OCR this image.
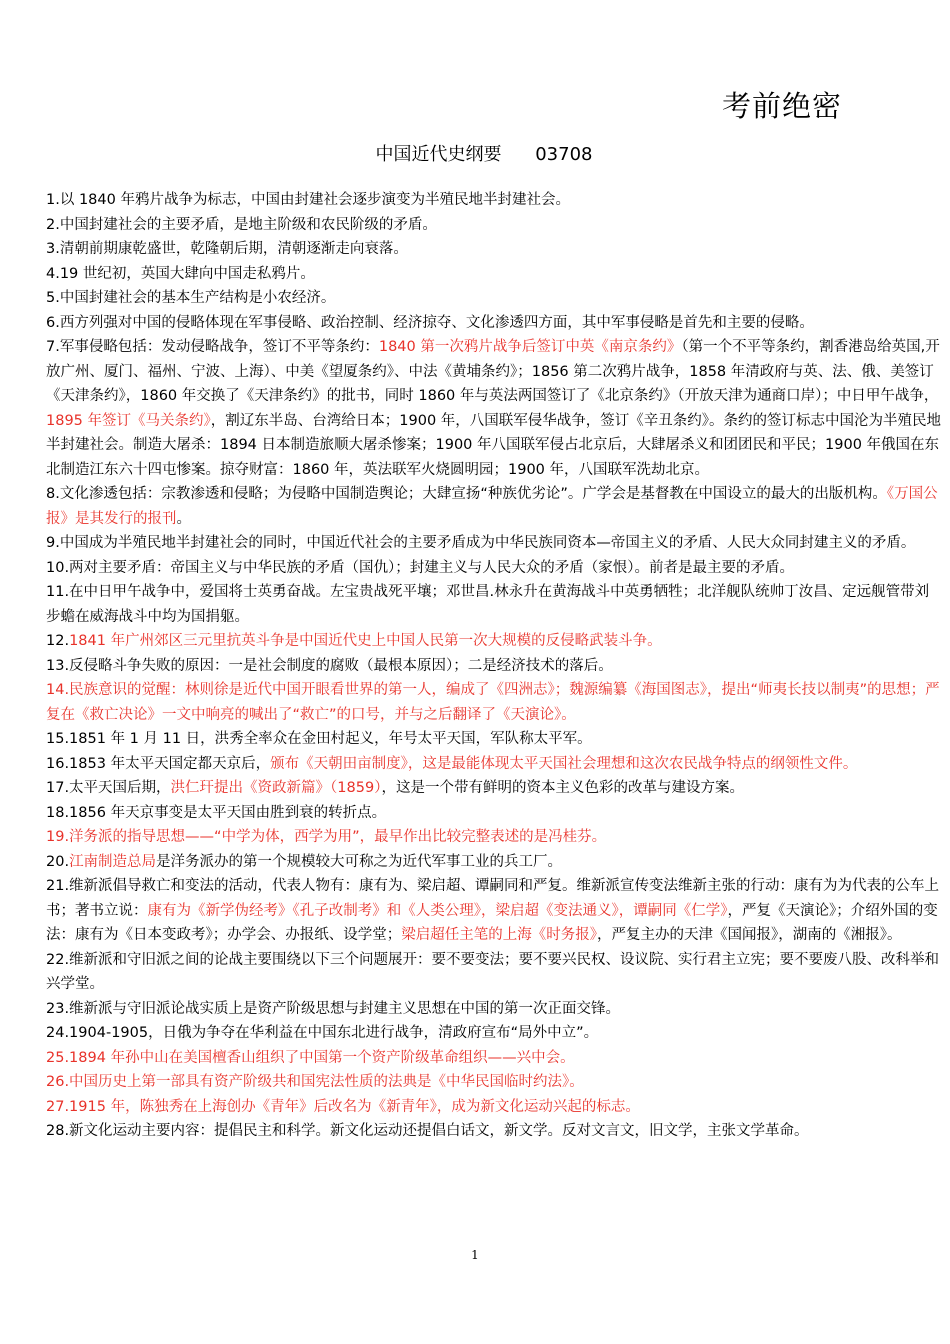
考前绝密
中国近代史纲要 03708

1.以 1840 年鸦片战争为标志，中国由封建社会逐步演变为半殖民地半封建社会。

2.中国封建社会的主要矛盾，是地主阶级和农民阶级的矛盾。

3.清朝前期康乾盛世，乾隆朝后期，清朝逐渐走向衰落。

4.19 世纪初，英国大肆向中国走私鸦片。

5.中国封建社会的基本生产结构是小农经济。

6.西方列强对中国的侵略体现在军事侵略、政治控制、经济掠夺、文化渗透四方面，其中军事侵略是首先和主要的侵略。

7.军事侵略包括：发动侵略战争，签订不平等条约：1840 第一次鸦片战争后签订中英《南京条约》（第一个不平等条约，割香港岛给英国,开放广州、厦门、福州、宁波、上海）、中美《望厦条约》、中法《黄埔条约》；1856 第二次鸦片战争，1858 年清政府与英、法、俄、美签订《天津条约》，1860 年交换了《天津条约》的批书，同时 1860 年与英法两国签订了《北京条约》（开放天津为通商口岸）；中日甲午战争，1895 年签订《马关条约》，割辽东半岛、台湾给日本；1900 年，八国联军侵华战争，签订《辛丑条约》。条约的签订标志中国沦为半殖民地半封建社会。制造大屠杀：1894 日本制造旅顺大屠杀惨案；1900 年八国联军侵占北京后，大肆屠杀义和团团民和平民；1900 年俄国在东北制造江东六十四屯惨案。掠夺财富：1860 年，英法联军火烧圆明园；1900 年，八国联军洗劫北京。

8.文化渗透包括：宗教渗透和侵略；为侵略中国制造舆论；大肆宣扬“种族优劣论”。广学会是基督教在中国设立的最大的出版机构。《万国公报》是其发行的报刊。

9.中国成为半殖民地半封建社会的同时，中国近代社会的主要矛盾成为中华民族同资本—帝国主义的矛盾、人民大众同封建主义的矛盾。

10.两对主要矛盾：帝国主义与中华民族的矛盾（国仇）；封建主义与人民大众的矛盾（家恨）。前者是最主要的矛盾。

11.在中日甲午战争中，爱国将士英勇奋战。左宝贵战死平壤；邓世昌.林永升在黄海战斗中英勇牺牲；北洋舰队统帅丁汝昌、定远舰管带刘步蟾在威海战斗中均为国捐躯。

12.1841 年广州郊区三元里抗英斗争是中国近代史上中国人民第一次大规模的反侵略武装斗争。

13.反侵略斗争失败的原因：一是社会制度的腐败（最根本原因）；二是经济技术的落后。

14.民族意识的觉醒：林则徐是近代中国开眼看世界的第一人，编成了《四洲志》；魏源编纂《海国图志》，提出“师夷长技以制夷”的思想；严复在《救亡决论》一文中响亮的喊出了“救亡”的口号，并与之后翻译了《天演论》。

15.1851 年 1 月 11 日，洪秀全率众在金田村起义，年号太平天国，军队称太平军。

16.1853 年太平天国定都天京后，颁布《天朝田亩制度》，这是最能体现太平天国社会理想和这次农民战争特点的纲领性文件。

17.太平天国后期，洪仁玕提出《资政新篇》（1859），这是一个带有鲜明的资本主义色彩的改革与建设方案。

18.1856 年天京事变是太平天国由胜到衰的转折点。

19.洋务派的指导思想——“中学为体，西学为用”，最早作出比较完整表述的是冯桂芬。

20.江南制造总局是洋务派办的第一个规模较大可称之为近代军事工业的兵工厂。

21.维新派倡导救亡和变法的活动，代表人物有：康有为、梁启超、谭嗣同和严复。维新派宣传变法维新主张的行动：康有为为代表的公车上书；著书立说：康有为《新学伪经考》《孔子改制考》和《人类公理》，梁启超《变法通义》，谭嗣同《仁学》，严复《天演论》；介绍外国的变法：康有为《日本变政考》；办学会、办报纸、设学堂；梁启超任主笔的上海《时务报》，严复主办的天津《国闻报》，湖南的《湘报》。

22.维新派和守旧派之间的论战主要围绕以下三个问题展开：要不要变法；要不要兴民权、设议院、实行君主立宪；要不要废八股、改科举和兴学堂。

23.维新派与守旧派论战实质上是资产阶级思想与封建主义思想在中国的第一次正面交锋。

24.1904-1905，日俄为争夺在华利益在中国东北进行战争，清政府宣布“局外中立”。

25.1894 年孙中山在美国檀香山组织了中国第一个资产阶级革命组织——兴中会。

26.中国历史上第一部具有资产阶级共和国宪法性质的法典是《中华民国临时约法》。

27.1915 年，陈独秀在上海创办《青年》后改名为《新青年》，成为新文化运动兴起的标志。

28.新文化运动主要内容：提倡民主和科学。新文化运动还提倡白话文，新文学。反对文言文，旧文学，主张文学革命。

1
